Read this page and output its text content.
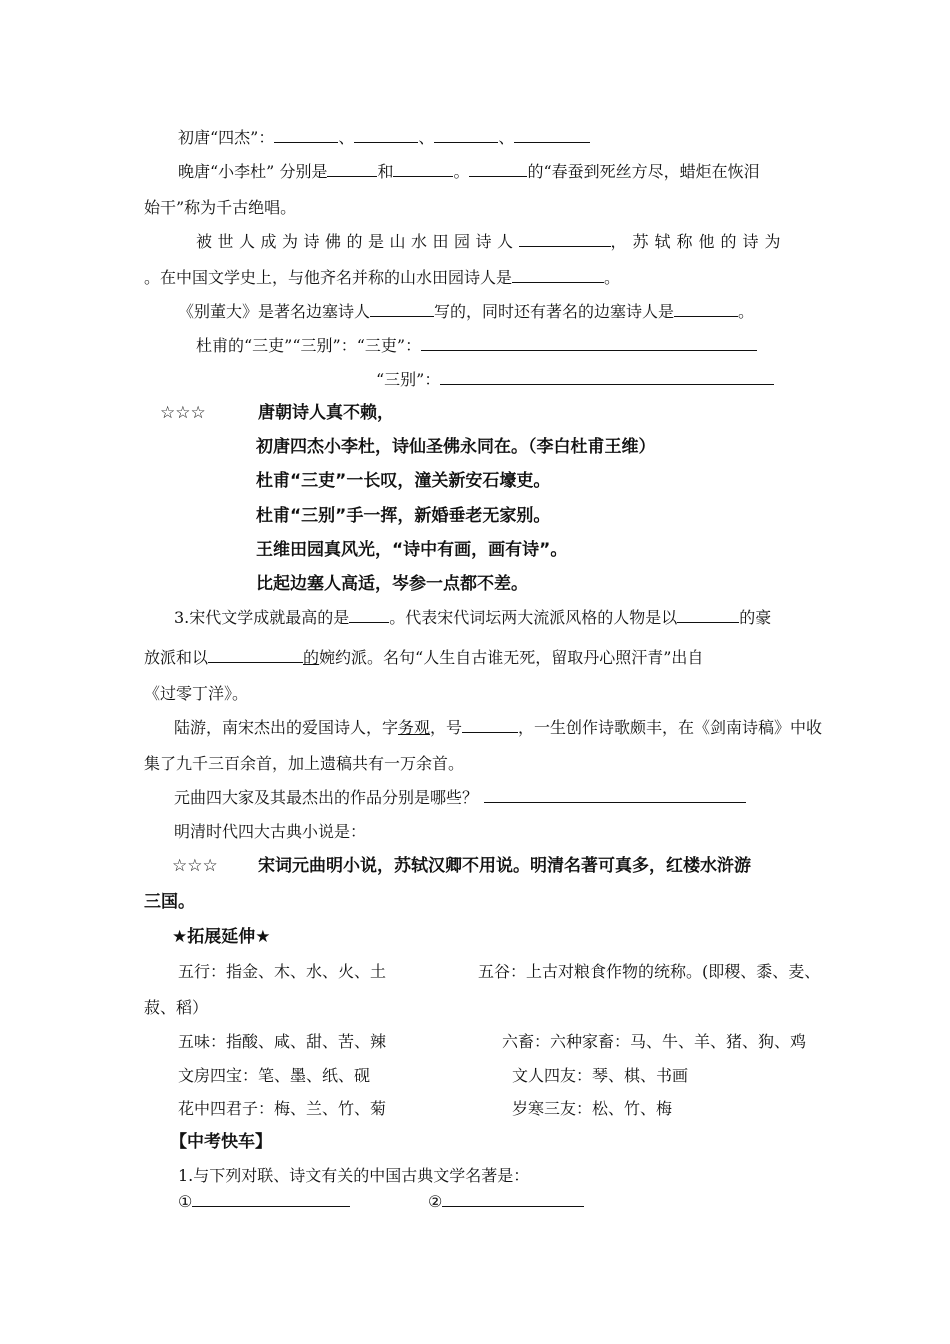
初唐“四杰”：	、	、	、
晚唐“小李杜” 分别是	和	。	的“春蚕到死丝方尽，蜡炬在恢泪
始干”称为千古绝唱。
被世人成为诗佛的是山水田园诗人	，苏轼称他的诗为
。在中国文学史上，与他齐名并称的山水田园诗人是	。
《别董大》是著名边塞诗人	写的，同时还有著名的边塞诗人是	。
杜甫的“三吏”“三别”：“三吏”：
“三别”：
☆☆☆	唐朝诗人真不赖，
初唐四杰小李杜，诗仙圣佛永同在。（李白杜甫王维）
杜甫“三吏”一长叹，潼关新安石壕吏。
杜甫“三别”手一挥，新婚垂老无家别。
王维田园真风光，“诗中有画，画有诗”。
比起边塞人高适，岑参一点都不差。
3.宋代文学成就最高的是	。代表宋代词坛两大流派风格的人物是以	的豪
放派和以	的婉约派。名句“人生自古谁无死，留取丹心照汗青”出自
《过零丁洋》。
陆游，南宋杰出的爱国诗人，字务观，号	，一生创作诗歌颇丰，在《剑南诗稿》中收
集了九千三百余首，加上遗稿共有一万余首。
元曲四大家及其最杰出的作品分别是哪些？
明清时代四大古典小说是：
☆☆☆ 宋词元曲明小说，苏轼汉卿不用说。明清名著可真多，红楼水浒游
三国。
★拓展延伸★
五行：指金、木、水、火、土	五谷：上古对粮食作物的统称。(即稷、黍、麦、
菽、稻）
五味：指酸、咸、甜、苦、辣	六畜：六种家畜：马、牛、羊、猪、狗、鸡
文房四宝：笔、墨、纸、砚	文人四友：琴、棋、书画
花中四君子：梅、兰、竹、菊	岁寒三友：松、竹、梅
【中考快车】
1.与下列对联、诗文有关的中国古典文学名著是：
①	②
